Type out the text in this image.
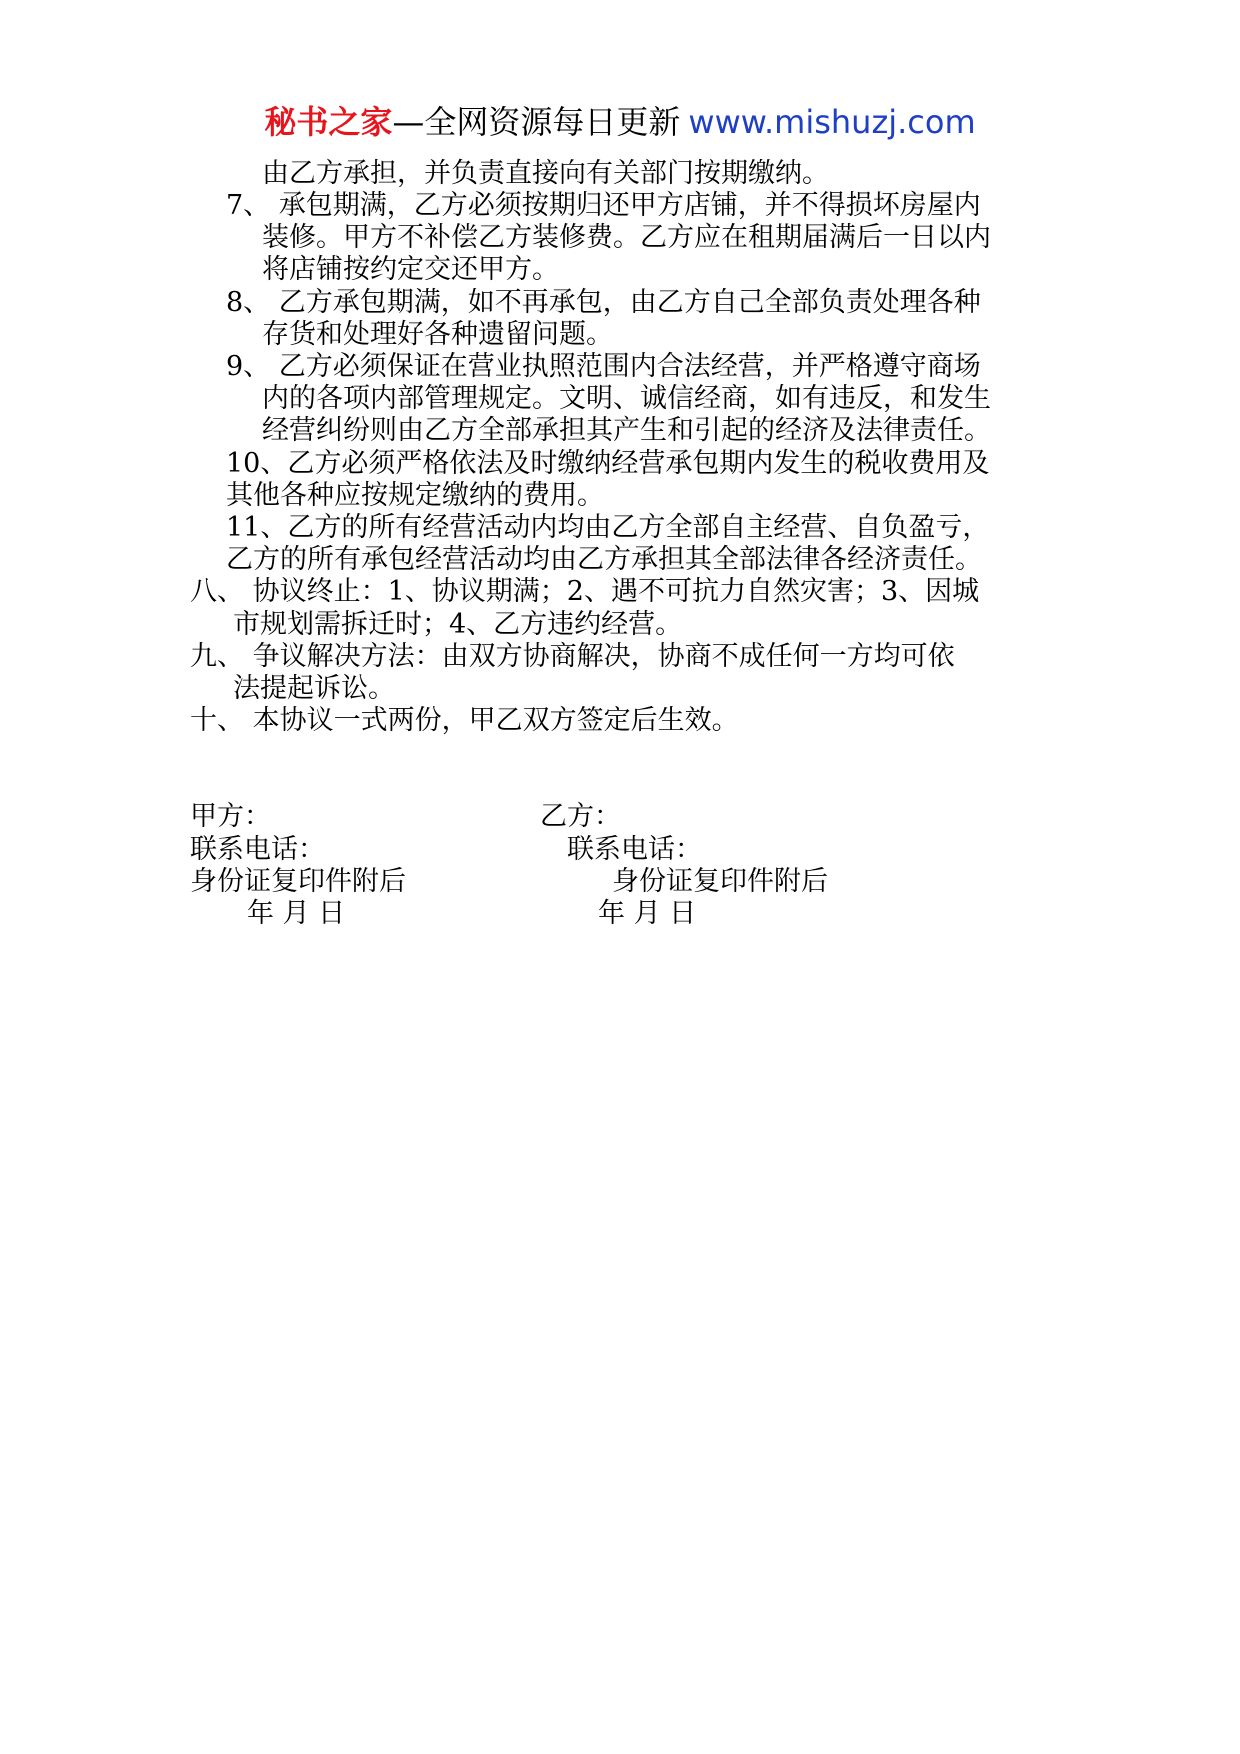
秘书之家—全网资源每日更新 www.mishuzj.com
由乙方承担，并负责直接向有关部门按期缴纳。
7、 承包期满，乙方必须按期归还甲方店铺，并不得损坏房屋内
装修。甲方不补偿乙方装修费。乙方应在租期届满后一日以内
将店铺按约定交还甲方。
8、 乙方承包期满，如不再承包，由乙方自己全部负责处理各种
存货和处理好各种遗留问题。
9、 乙方必须保证在营业执照范围内合法经营，并严格遵守商场
内的各项内部管理规定。文明、诚信经商，如有违反，和发生
经营纠纷则由乙方全部承担其产生和引起的经济及法律责任。
10、乙方必须严格依法及时缴纳经营承包期内发生的税收费用及
其他各种应按规定缴纳的费用。
11、乙方的所有经营活动内均由乙方全部自主经营、自负盈亏，
乙方的所有承包经营活动均由乙方承担其全部法律各经济责任。
八、 协议终止：1、协议期满；2、遇不可抗力自然灾害；3、因城
市规划需拆迁时；4、乙方违约经营。
九、 争议解决方法：由双方协商解决，协商不成任何一方均可依
法提起诉讼。
十、 本协议一式两份，甲乙双方签定后生效。
甲方：	乙方：
联系电话：	联系电话：
身份证复印件附后	身份证复印件附后
年 月 日	年 月 日
